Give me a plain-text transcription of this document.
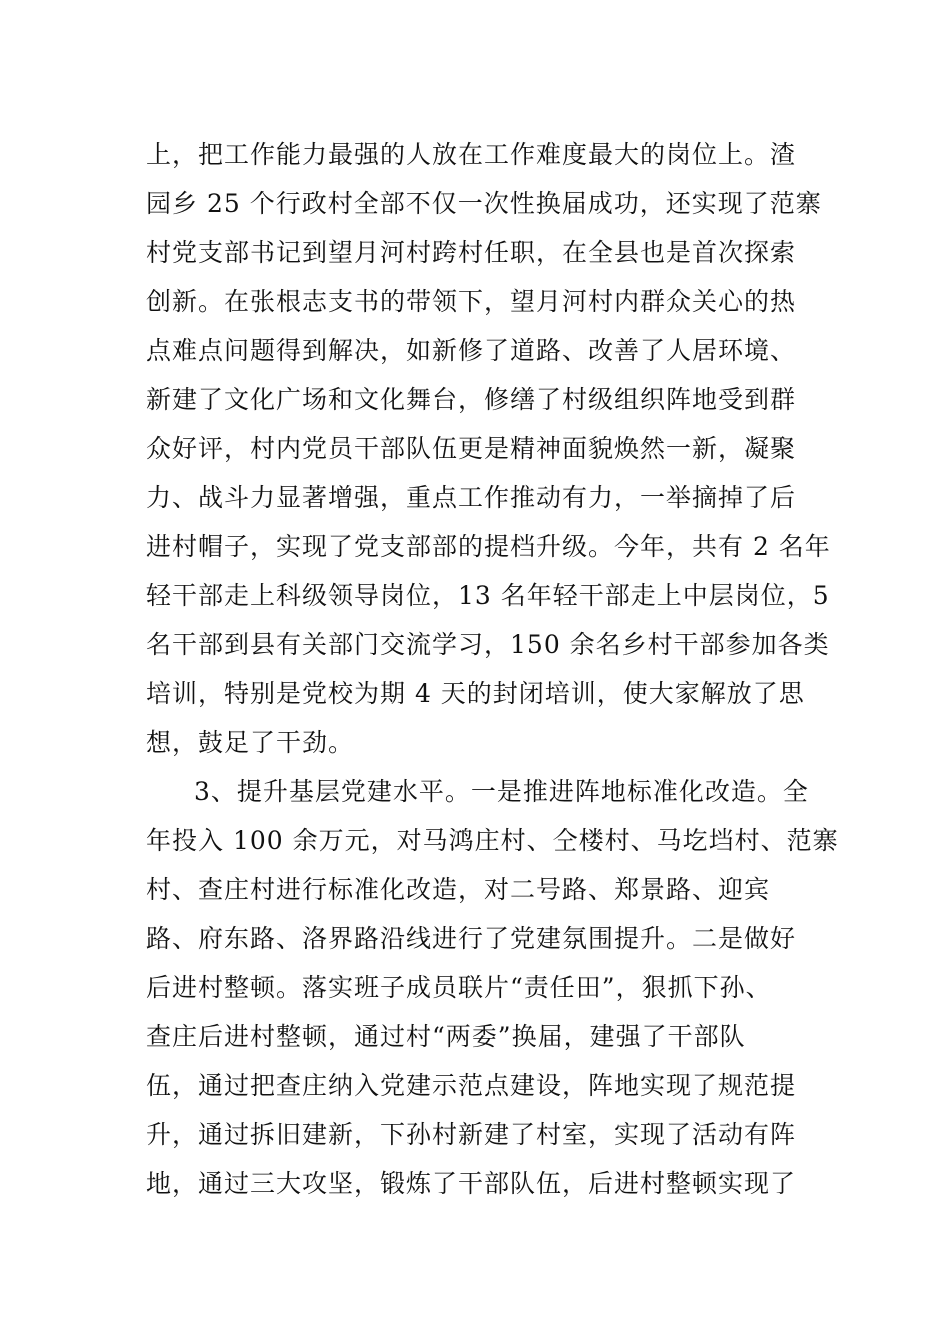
上，把工作能力最强的人放在工作难度最大的岗位上。渣
园乡 25 个行政村全部不仅一次性换届成功，还实现了范寨
村党支部书记到望月河村跨村任职，在全县也是首次探索
创新。在张根志支书的带领下，望月河村内群众关心的热
点难点问题得到解决，如新修了道路、改善了人居环境、
新建了文化广场和文化舞台，修缮了村级组织阵地受到群
众好评，村内党员干部队伍更是精神面貌焕然一新，凝聚
力、战斗力显著增强，重点工作推动有力，一举摘掉了后
进村帽子，实现了党支部部的提档升级。今年，共有 2 名年
轻干部走上科级领导岗位，13 名年轻干部走上中层岗位，5
名干部到县有关部门交流学习，150 余名乡村干部参加各类
培训，特别是党校为期 4 天的封闭培训，使大家解放了思
想，鼓足了干劲。
3、提升基层党建水平。一是推进阵地标准化改造。全
年投入 100 余万元，对马鸿庄村、仝楼村、马圪垱村、范寨
村、查庄村进行标准化改造，对二号路、郑景路、迎宾
路、府东路、洛界路沿线进行了党建氛围提升。二是做好
后进村整顿。落实班子成员联片“责任田”，狠抓下孙、
查庄后进村整顿，通过村“两委”换届，建强了干部队
伍，通过把查庄纳入党建示范点建设，阵地实现了规范提
升，通过拆旧建新，下孙村新建了村室，实现了活动有阵
地，通过三大攻坚，锻炼了干部队伍，后进村整顿实现了
